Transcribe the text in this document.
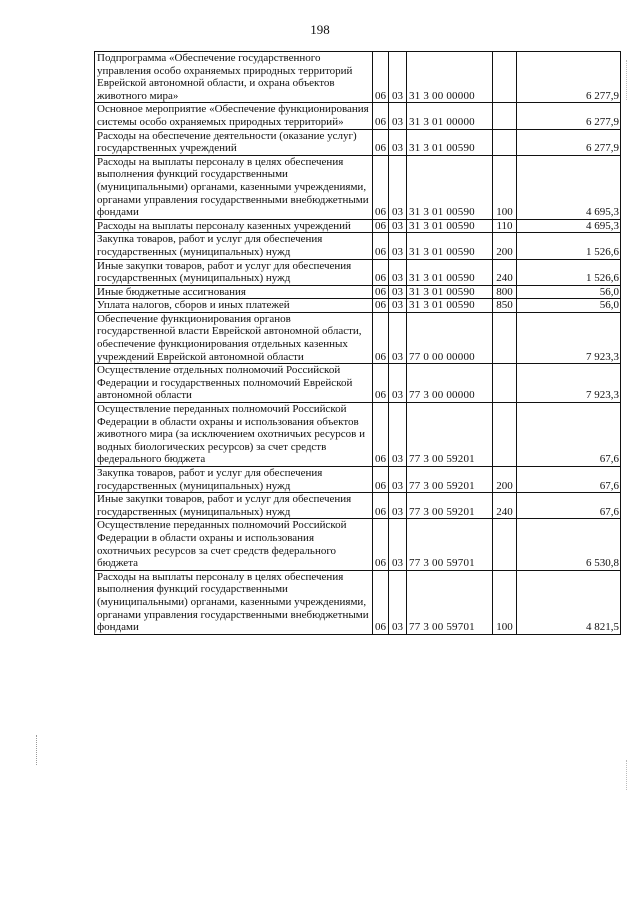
198
Подпрограмма «Обеспечение государственного управления особо охраняемых природных территорий Еврейской автономной области, и охрана объектов животного мира»	06	03	31 3 00 00000		6 277,9
Основное мероприятие «Обеспечение функционирования системы особо охраняемых природных территорий»	06	03	31 3 01 00000		6 277,9
Расходы на обеспечение деятельности (оказание услуг) государственных учреждений	06	03	31 3 01 00590		6 277,9
Расходы на выплаты персоналу в целях обеспечения выполнения функций государственными (муниципальными) органами, казенными учреждениями, органами управления государственными внебюджетными фондами	06	03	31 3 01 00590	100	4 695,3
Расходы на выплаты персоналу казенных учреждений	06	03	31 3 01 00590	110	4 695,3
Закупка товаров, работ и услуг для обеспечения государственных (муниципальных) нужд	06	03	31 3 01 00590	200	1 526,6
Иные закупки товаров, работ и услуг для обеспечения государственных (муниципальных) нужд	06	03	31 3 01 00590	240	1 526,6
Иные бюджетные ассигнования	06	03	31 3 01 00590	800	56,0
Уплата налогов, сборов и иных платежей	06	03	31 3 01 00590	850	56,0
Обеспечение функционирования органов государственной власти Еврейской автономной области, обеспечение функционирования отдельных казенных учреждений Еврейской автономной области	06	03	77 0 00 00000		7 923,3
Осуществление отдельных полномочий Российской Федерации и государственных полномочий Еврейской автономной области	06	03	77 3 00 00000		7 923,3
Осуществление переданных полномочий Российской Федерации в области охраны и использования объектов животного мира (за исключением охотничьих ресурсов и водных биологических ресурсов) за счет средств федерального бюджета	06	03	77 3 00 59201		67,6
Закупка товаров, работ и услуг для обеспечения государственных (муниципальных) нужд	06	03	77 3 00 59201	200	67,6
Иные закупки товаров, работ и услуг для обеспечения государственных (муниципальных) нужд	06	03	77 3 00 59201	240	67,6
Осуществление переданных полномочий Российской Федерации в области охраны и использования охотничьих ресурсов за счет средств федерального бюджета	06	03	77 3 00 59701		6 530,8
Расходы на выплаты персоналу в целях обеспечения выполнения функций государственными (муниципальными) органами, казенными учреждениями, органами управления государственными внебюджетными фондами	06	03	77 3 00 59701	100	4 821,5
